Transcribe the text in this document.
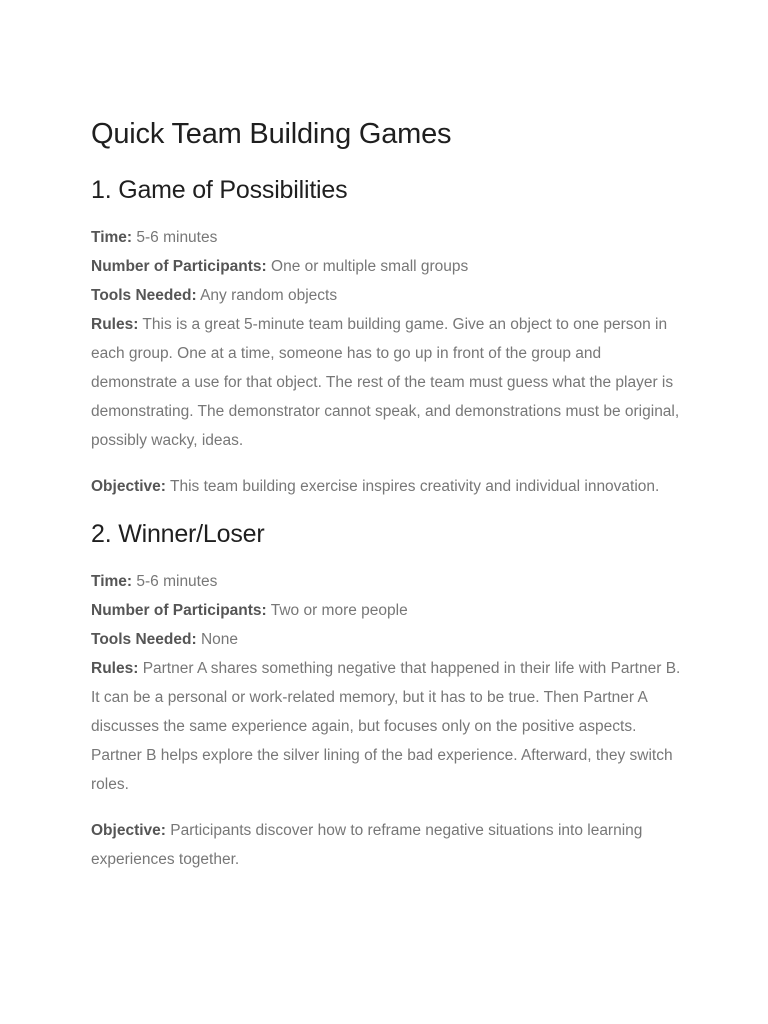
Quick Team Building Games
1. Game of Possibilities

Time: 5-6 minutes

Number of Participants: One or multiple small groups

Tools Needed: Any random objects

Rules: This is a great 5-minute team building game. Give an object to one person in each group. One at a time, someone has to go up in front of the group and demonstrate a use for that object. The rest of the team must guess what the player is demonstrating. The demonstrator cannot speak, and demonstrations must be original, possibly wacky, ideas.

Objective: This team building exercise inspires creativity and individual innovation.

2. Winner/Loser

Time: 5-6 minutes

Number of Participants: Two or more people

Tools Needed: None

Rules: Partner A shares something negative that happened in their life with Partner B. It can be a personal or work-related memory, but it has to be true. Then Partner A discusses the same experience again, but focuses only on the positive aspects. Partner B helps explore the silver lining of the bad experience. Afterward, they switch roles.

Objective: Participants discover how to reframe negative situations into learning experiences together.
